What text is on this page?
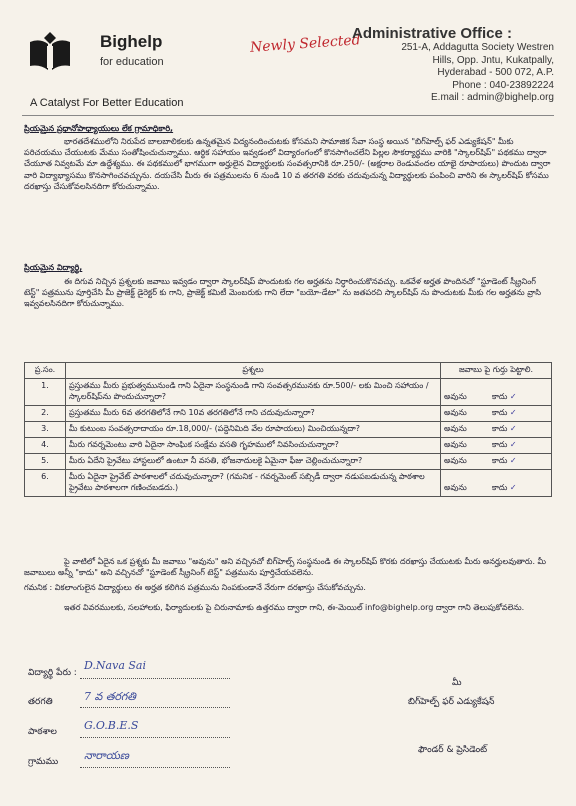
Bighelp
for education
A Catalyst For Better Education
Newly Selected
Administrative Office :
251-A, Addagutta Society Westren
Hills, Opp. Jntu, Kukatpally,
Hyderabad - 500 072, A.P.
Phone : 040-23892224
E.mail : admin@bighelp.org
ప్రియమైన ప్రధానోపాధ్యాయులు లేక గ్రామాధికారి,
భారతదేశములోని నిరుపేద బాలబాలికలకు ఉన్నతమైన విద్యనందించుటకు కోసమని సామాజిక సేవా సంస్థ అయిన "బిగ్‌హెల్ప్ ఫర్ ఎడ్యుకేషన్" మీకు పరిచయము చేయుటకు మేము సంతోషించుచున్నాము. ఆర్థిక సహాయం ఇవ్వడంలో విద్యారంగంలో కొనసాగించలేని పిల్లల సౌకర్యార్థము వారికి "స్కాలర్‌షిప్" పథకము ద్వారా చేయూత నివ్వటమే మా ఉద్దేశ్యము. ఈ పథకములో భాగముగా అర్హులైన విద్యార్థులకు సంవత్సరానికి రూ.250/- (అక్షరాల రెండువందల యాభై రూపాయలు) పొందుట ద్వారా వారి విద్యాభ్యాసము కొనసాగించవచ్చును. దయచేసి మీరు ఈ పత్రములను 6 నుండి 10 వ తరగతి వరకు చదువుచున్న విద్యార్థులకు పంపించి వారిని ఈ స్కాలర్‌షిప్ కోసము దరఖాస్తు చేసుకోవలసినదిగా కోరుచున్నాము.
ప్రియమైన విద్యార్థి,
ఈ దిగువ నిచ్చిన ప్రశ్నలకు జవాబు ఇవ్వడం ద్వారా స్కాలర్‌షిప్ పొందుటకు గల అర్హతను నిర్ధారించుకొనవచ్చు. ఒకవేళ అర్హత పొందినచో "స్టూడెంట్ స్క్రీనింగ్ టెస్ట్" పత్రమును పూర్తిచేసి మీ ప్రాజెక్ట్ డైరెక్టర్ కు గాని, ప్రాజెక్ట్ కమిటీ మెంబరుకు గాని లేదా "బయో-డేటా" ను జతపరచి స్కాలర్‌షిప్ ను పొందుటకు మీకు గల అర్హతను వ్రాసి ఇవ్వవలసినదిగా కోరుచున్నాము.
ప్ర.సం.	ప్రశ్నలు	జవాబు పై గుర్తు పెట్టాలి.
1.	ప్రస్తుతము మీరు ప్రభుత్వమునుండి గాని ఏదైనా సంస్థనుండి గాని సంవత్సరమునకు రూ.500/- లకు మించి సహాయం / స్కాలర్‌షిప్‌ను పొందుచున్నారా?	అవును కాదు ✓
2.	ప్రస్తుతము మీరు 6వ తరగతిలోనే గాని 10వ తరగతిలోనే గాని చదువుచున్నారా?	అవును కాదు ✓
3.	మీ కుటుంబ సంవత్సరాదాయం రూ.18,000/- (పద్దెనిమిది వేల రూపాయలు) మించియున్నదా?	అవును కాదు ✓
4.	మీరు గవర్నమెంటు వారి ఏదైనా సాంఘిక సంక్షేమ వసతి గృహములో నివసించుచున్నారా?	అవును కాదు ✓
5.	మీరు ఏదేని ప్రైవేటు హాస్టలులో ఉంటూ నీ వసతి, భోజనాదులకై ఏమైనా ఫీజు చెల్లించుచున్నారా?	అవును కాదు ✓
6.	మీరు ఏదైనా ప్రైవేట్ పాఠశాలలో చదువుచున్నారా? (గమనిక - గవర్నమెంట్ సబ్సిడీ ద్వారా నడుపబడుచున్న పాఠశాల ప్రైవేటు పాఠశాలగా గణించబడదు.)	అవును కాదు ✓
పై వాటిలో ఏదైన ఒక ప్రశ్నకు మీ జవాబు "అవును" అని వచ్చినచో బిగ్‌హెల్ప్ సంస్థనుండి ఈ స్కాలర్‌షిప్ కొరకు దరఖాస్తు చేయుటకు మీరు అనర్హులవుతారు. మీ జవాబులు అన్నీ "కాదు" అని వచ్చినచో "స్టూడెంట్ స్క్రీనింగ్ టెస్ట్" పత్రమును పూర్తిచేయవలెను.
గమనిక : వికలాంగులైన విద్యార్థులు ఈ అర్హత కలిగిన పత్రమును నింపకుండానే నేరుగా దరఖాస్తు చేసుకోవచ్చును.
ఇతర వివరములకు, సలహాలకు, ఫిర్యాదులకు పై చిరునామాకు ఉత్తరము ద్వారా గాని, ఈ-మెయిల్ info@bighelp.org ద్వారా గాని తెలుపుకోవలెను.
విద్యార్థి పేరు :
D.Nava Sai
తరగతి	7 వ తరగతి
పాఠశాల G.O.B.E.S
గ్రామము నారాయణ
మీ
బిగ్‌హెల్ప్ ఫర్ ఎడ్యుకేషన్
ఫౌండర్ & ప్రెసిడెంట్
